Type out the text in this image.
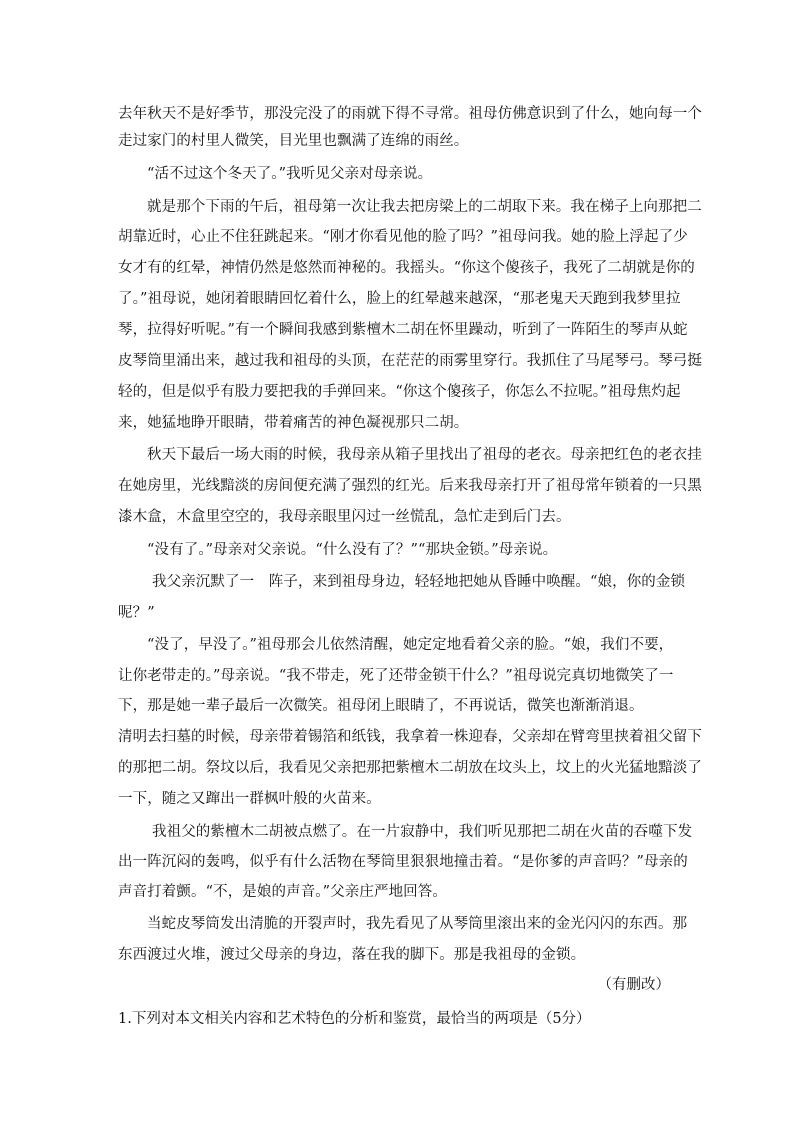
去年秋天不是好季节，那没完没了的雨就下得不寻常。祖母仿佛意识到了什么，她向每一个
走过家门的村里人微笑，目光里也飘满了连绵的雨丝。
“活不过这个冬天了。”我听见父亲对母亲说。
就是那个下雨的午后，祖母第一次让我去把房梁上的二胡取下来。我在梯子上向那把二
胡靠近时，心止不住狂跳起来。“刚才你看见他的脸了吗？”祖母问我。她的脸上浮起了少
女才有的红晕，神情仍然是悠然而神秘的。我摇头。“你这个傻孩子，我死了二胡就是你的
了。”祖母说，她闭着眼睛回忆着什么，脸上的红晕越来越深，“那老鬼天天跑到我梦里拉
琴，拉得好听呢。”有一个瞬间我感到紫檀木二胡在怀里躁动，听到了一阵陌生的琴声从蛇
皮琴筒里涌出来，越过我和祖母的头顶，在茫茫的雨雾里穿行。我抓住了马尾琴弓。琴弓挺
轻的，但是似乎有股力要把我的手弹回来。“你这个傻孩子，你怎么不拉呢。”祖母焦灼起
来，她猛地睁开眼睛，带着痛苦的神色凝视那只二胡。
秋天下最后一场大雨的时候，我母亲从箱子里找出了祖母的老衣。母亲把红色的老衣挂
在她房里，光线黯淡的房间便充满了强烈的红光。后来我母亲打开了祖母常年锁着的一只黑
漆木盒，木盒里空空的，我母亲眼里闪过一丝慌乱，急忙走到后门去。
“没有了。”母亲对父亲说。“什么没有了？”“那块金锁。”母亲说。
我父亲沉默了一　阵子，来到祖母身边，轻轻地把她从昏睡中唤醒。“娘，你的金锁
呢？”
“没了，早没了。”祖母那会儿依然清醒，她定定地看着父亲的脸。“娘，我们不要，
让你老带走的。”母亲说。“我不带走，死了还带金锁干什么？”祖母说完真切地微笑了一
下，那是她一辈子最后一次微笑。祖母闭上眼睛了，不再说话，微笑也渐渐消退。
清明去扫墓的时候，母亲带着锡箔和纸钱，我拿着一株迎春，父亲却在臂弯里挟着祖父留下
的那把二胡。祭坟以后，我看见父亲把那把紫檀木二胡放在坟头上，坟上的火光猛地黯淡了
一下，随之又蹿出一群枫叶般的火苗来。
我祖父的紫檀木二胡被点燃了。在一片寂静中，我们听见那把二胡在火苗的吞噬下发
出一阵沉闷的轰鸣，似乎有什么活物在琴筒里狠狠地撞击着。“是你爹的声音吗？”母亲的
声音打着颤。“不，是娘的声音。”父亲庄严地回答。
当蛇皮琴筒发出清脆的开裂声时，我先看见了从琴筒里滚出来的金光闪闪的东西。那
东西渡过火堆，渡过父母亲的身边，落在我的脚下。那是我祖母的金锁。
（有删改）
1.下列对本文相关内容和艺术特色的分析和鉴赏，最恰当的两项是（5分）
